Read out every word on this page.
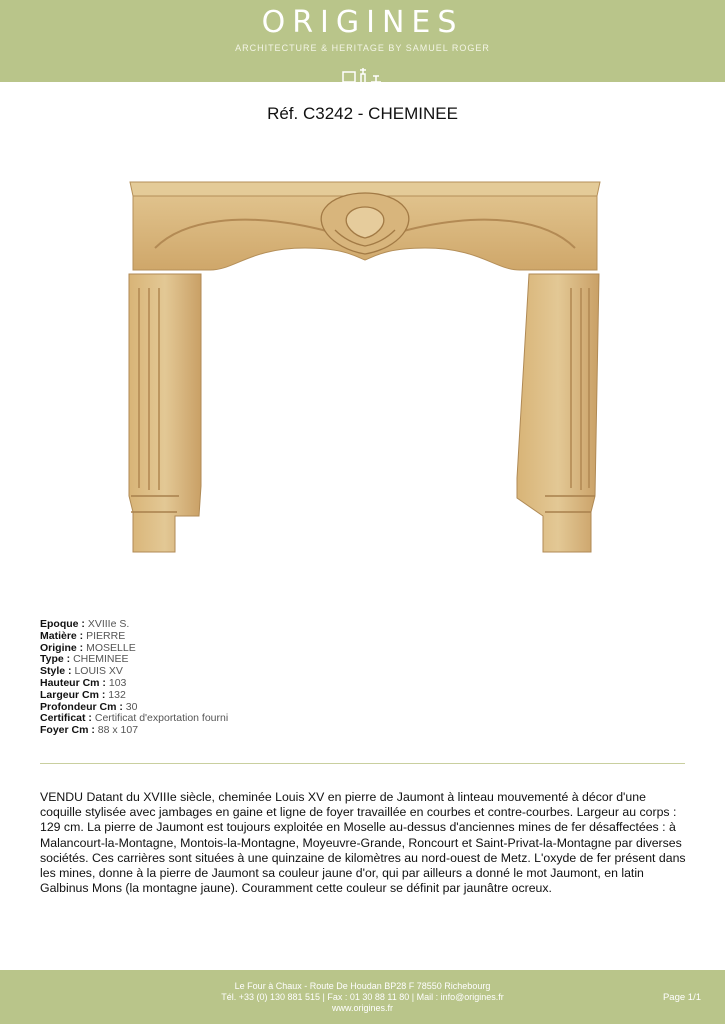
ORIGINES
ARCHITECTURE & HERITAGE BY SAMUEL ROGER
Réf. C3242 - CHEMINEE
Epoque : XVIIIe S.
Matière : PIERRE
Origine : MOSELLE
Type : CHEMINEE
Style : LOUIS XV
Hauteur Cm : 103
Largeur Cm : 132
Profondeur Cm : 30
Certificat : Certificat d'exportation fourni
Foyer Cm : 88 x 107
VENDU Datant du XVIIIe siècle, cheminée Louis XV en pierre de Jaumont à linteau mouvementé à décor d'une coquille stylisée avec jambages en gaine et ligne de foyer travaillée en courbes et contre-courbes. Largeur au corps : 129 cm. La pierre de Jaumont est toujours exploitée en Moselle au-dessus d'anciennes mines de fer désaffectées : à Malancourt-la-Montagne, Montois-la-Montagne, Moyeuvre-Grande, Roncourt et Saint-Privat-la-Montagne par diverses sociétés. Ces carrières sont situées à une quinzaine de kilomètres au nord-ouest de Metz. L'oxyde de fer présent dans les mines, donne à la pierre de Jaumont sa couleur jaune d'or, qui par ailleurs a donné le mot Jaumont, en latin Galbinus Mons (la montagne jaune). Couramment cette couleur se définit par jaunâtre ocreux.
Le Four à Chaux - Route De Houdan BP28 F 78550 Richebourg
Tél. +33 (0) 130 881 515 | Fax : 01 30 88 11 80 | Mail : info@origines.fr
www.origines.fr
Page 1/1
